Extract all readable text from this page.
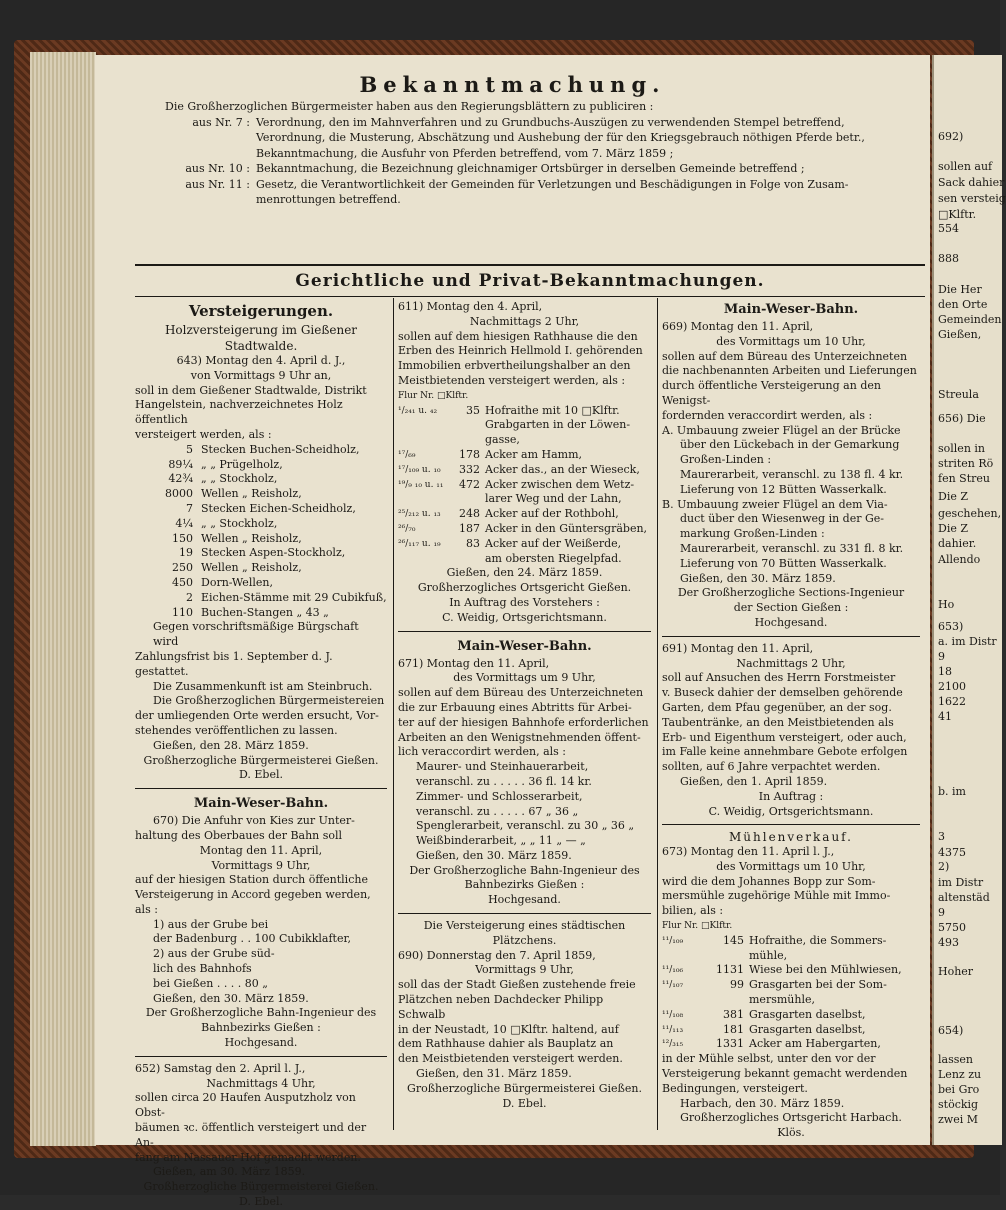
Bekanntmachung.
Die Großherzoglichen Bürgermeister haben aus den Regierungsblättern zu publiciren :
aus Nr. 7 : Verordnung, den im Mahnverfahren und zu Grundbuchs-Auszügen zu verwendenden Stempel betreffend,
Verordnung, die Musterung, Abschätzung und Aushebung der für den Kriegsgebrauch nöthigen Pferde betr.,
Bekanntmachung, die Ausfuhr von Pferden betreffend, vom 7. März 1859 ;
aus Nr. 10 : Bekanntmachung, die Bezeichnung gleichnamiger Ortsbürger in derselben Gemeinde betreffend ;
aus Nr. 11 : Gesetz, die Verantwortlichkeit der Gemeinden für Verletzungen und Beschädigungen in Folge von Zusam-
menrottungen betreffend.
Gerichtliche und Privat-Bekanntmachungen.
Versteigerungen.

Holzversteigerung im Gießener

Stadtwalde.

643) Montag den 4. April d. J.,

von Vormittags 9 Uhr an,

soll in dem Gießener Stadtwalde, Distrikt

Hangelstein, nachverzeichnetes Holz öffentlich

versteigert werden, als :

5 Stecken Buchen-Scheidholz,
89¼ „ „ Prügelholz,
42¾ „ „ Stockholz,
8000 Wellen „ Reisholz,
7 Stecken Eichen-Scheidholz,
4¼ „ „ Stockholz,
150 Wellen „ Reisholz,
19 Stecken Aspen-Stockholz,
250 Wellen „ Reisholz,
450 Dorn-Wellen,
2 Eichen-Stämme mit 29 Cubikfuß,
110 Buchen-Stangen „ 43 „

Gegen vorschriftsmäßige Bürgschaft wird

Zahlungsfrist bis 1. September d. J. gestattet.

Die Zusammenkunft ist am Steinbruch.

Die Großherzoglichen Bürgermeistereien

der umliegenden Orte werden ersucht, Vor-

stehendes veröffentlichen zu lassen.

Gießen, den 28. März 1859.

Großherzogliche Bürgermeisterei Gießen.

D. Ebel.

Main-Weser-Bahn.

670) Die Anfuhr von Kies zur Unter-

haltung des Oberbaues der Bahn soll

Montag den 11. April,

Vormittags 9 Uhr,

auf der hiesigen Station durch öffentliche

Versteigerung in Accord gegeben werden, als :

1) aus der Grube bei

der Badenburg . . 100 Cubikklafter,

2) aus der Grube süd-

lich des Bahnhofs

bei Gießen . . . . 80 „

Gießen, den 30. März 1859.

Der Großherzogliche Bahn-Ingenieur des

Bahnbezirks Gießen :

Hochgesand.

652) Samstag den 2. April l. J.,

Nachmittags 4 Uhr,

sollen circa 20 Haufen Ausputzholz von Obst-

bäumen ꝛc. öffentlich versteigert und der An-

fang am Nassauer Hof gemacht werden.

Gießen, am 30. März 1859.

Großherzogliche Bürgermeisterei Gießen.

D. Ebel.

611) Montag den 4. April,

Nachmittags 2 Uhr,

sollen auf dem hiesigen Rathhause die den

Erben des Heinrich Hellmold I. gehörenden

Immobilien erbvertheilungshalber an den

Meistbietenden versteigert werden, als :

Flur Nr. □Klftr.
¹/₂₄₁ u. ₄₂	35 Hofraithe mit 10 □Klftr.
Grabgarten in der Löwen-
gasse,
¹⁷/₆₉	178 Acker am Hamm,
¹⁷/₁₀₉ u. ₁₀	332 Acker das., an der Wieseck,
¹⁹/₉ ₁₀ u. ₁₁	472 Acker zwischen dem Wetz-
larer Weg und der Lahn,
²⁵/₂₁₂ u. ₁₃	248 Acker auf der Rothbohl,
²⁶/₇₀	187 Acker in den Güntersgräben,
²⁶/₁₁₇ u. ₁₉	83 Acker auf der Weißerde,
am obersten Riegelpfad.

Gießen, den 24. März 1859.

Großherzogliches Ortsgericht Gießen.

In Auftrag des Vorstehers :

C. Weidig, Ortsgerichtsmann.

Main-Weser-Bahn.

671) Montag den 11. April,

des Vormittags um 9 Uhr,

sollen auf dem Büreau des Unterzeichneten

die zur Erbauung eines Abtritts für Arbei-

ter auf der hiesigen Bahnhofe erforderlichen

Arbeiten an den Wenigstnehmenden öffent-

lich veraccordirt werden, als :

Maurer- und Steinhauerarbeit,

veranschl. zu . . . . . 36 fl. 14 kr.

Zimmer- und Schlosserarbeit,

veranschl. zu . . . . . 67 „ 36 „

Spenglerarbeit, veranschl. zu 30 „ 36 „

Weißbinderarbeit, „ „ 11 „ — „

Gießen, den 30. März 1859.

Der Großherzogliche Bahn-Ingenieur des

Bahnbezirks Gießen :

Hochgesand.

Die Versteigerung eines städtischen

Plätzchens.

690) Donnerstag den 7. April 1859,

Vormittags 9 Uhr,

soll das der Stadt Gießen zustehende freie

Plätzchen neben Dachdecker Philipp Schwalb

in der Neustadt, 10 □Klftr. haltend, auf

dem Rathhause dahier als Bauplatz an

den Meistbietenden versteigert werden.

Gießen, den 31. März 1859.

Großherzogliche Bürgermeisterei Gießen.

D. Ebel.

Main-Weser-Bahn.

669) Montag den 11. April,

des Vormittags um 10 Uhr,

sollen auf dem Büreau des Unterzeichneten

die nachbenannten Arbeiten und Lieferungen

durch öffentliche Versteigerung an den Wenigst-

fordernden veraccordirt werden, als :

A. Umbauung zweier Flügel an der Brücke

über den Lückebach in der Gemarkung

Großen-Linden :

Maurerarbeit, veranschl. zu 138 fl. 4 kr.

Lieferung von 12 Bütten Wasserkalk.

B. Umbauung zweier Flügel an dem Via-

duct über den Wiesenweg in der Ge-

markung Großen-Linden :

Maurerarbeit, veranschl. zu 331 fl. 8 kr.

Lieferung von 70 Bütten Wasserkalk.

Gießen, den 30. März 1859.

Der Großherzogliche Sections-Ingenieur

der Section Gießen :

Hochgesand.

691) Montag den 11. April,

Nachmittags 2 Uhr,

soll auf Ansuchen des Herrn Forstmeister

v. Buseck dahier der demselben gehörende

Garten, dem Pfau gegenüber, an der sog.

Taubentränke, an den Meistbietenden als

Erb- und Eigenthum versteigert, oder auch,

im Falle keine annehmbare Gebote erfolgen

sollten, auf 6 Jahre verpachtet werden.

Gießen, den 1. April 1859.

In Auftrag :

C. Weidig, Ortsgerichtsmann.

Mühlenverkauf.

673) Montag den 11. April l. J.,

des Vormittags um 10 Uhr,

wird die dem Johannes Bopp zur Som-

mersmühle zugehörige Mühle mit Immo-

bilien, als :

Flur Nr. □Klftr.
¹¹/₁₀₉	145 Hofraithe, die Sommers-
mühle,
¹¹/₁₀₆	1131 Wiese bei den Mühlwiesen,
¹¹/₁₀₇	99 Grasgarten bei der Som-
mersmühle,
¹¹/₁₀₈	381 Grasgarten daselbst,
¹¹/₁₁₃	181 Grasgarten daselbst,
¹²/₃₁₅	1331 Acker am Habergarten,

in der Mühle selbst, unter den vor der

Versteigerung bekannt gemacht werdenden

Bedingungen, versteigert.

Harbach, den 30. März 1859.

Großherzogliches Ortsgericht Harbach.

Klös.

692)
sollen auf
Sack dahier
sen versteig
□Klftr.
554
888
Die Her
den Orte
Gemeinden
Gießen,
Streula
656) Die
sollen in
striten Rö
fen Streu
Die Z
geschehen,
Die Z
dahier.
Allendo
Ho
653)
a. im Distr
9
18
2100
1622
41
b. im
3
4375
2)
im Distr
altenstäd
9
5750
493
Hoher
654)
lassen
Lenz zu
bei Gro
stöckig
zwei M
